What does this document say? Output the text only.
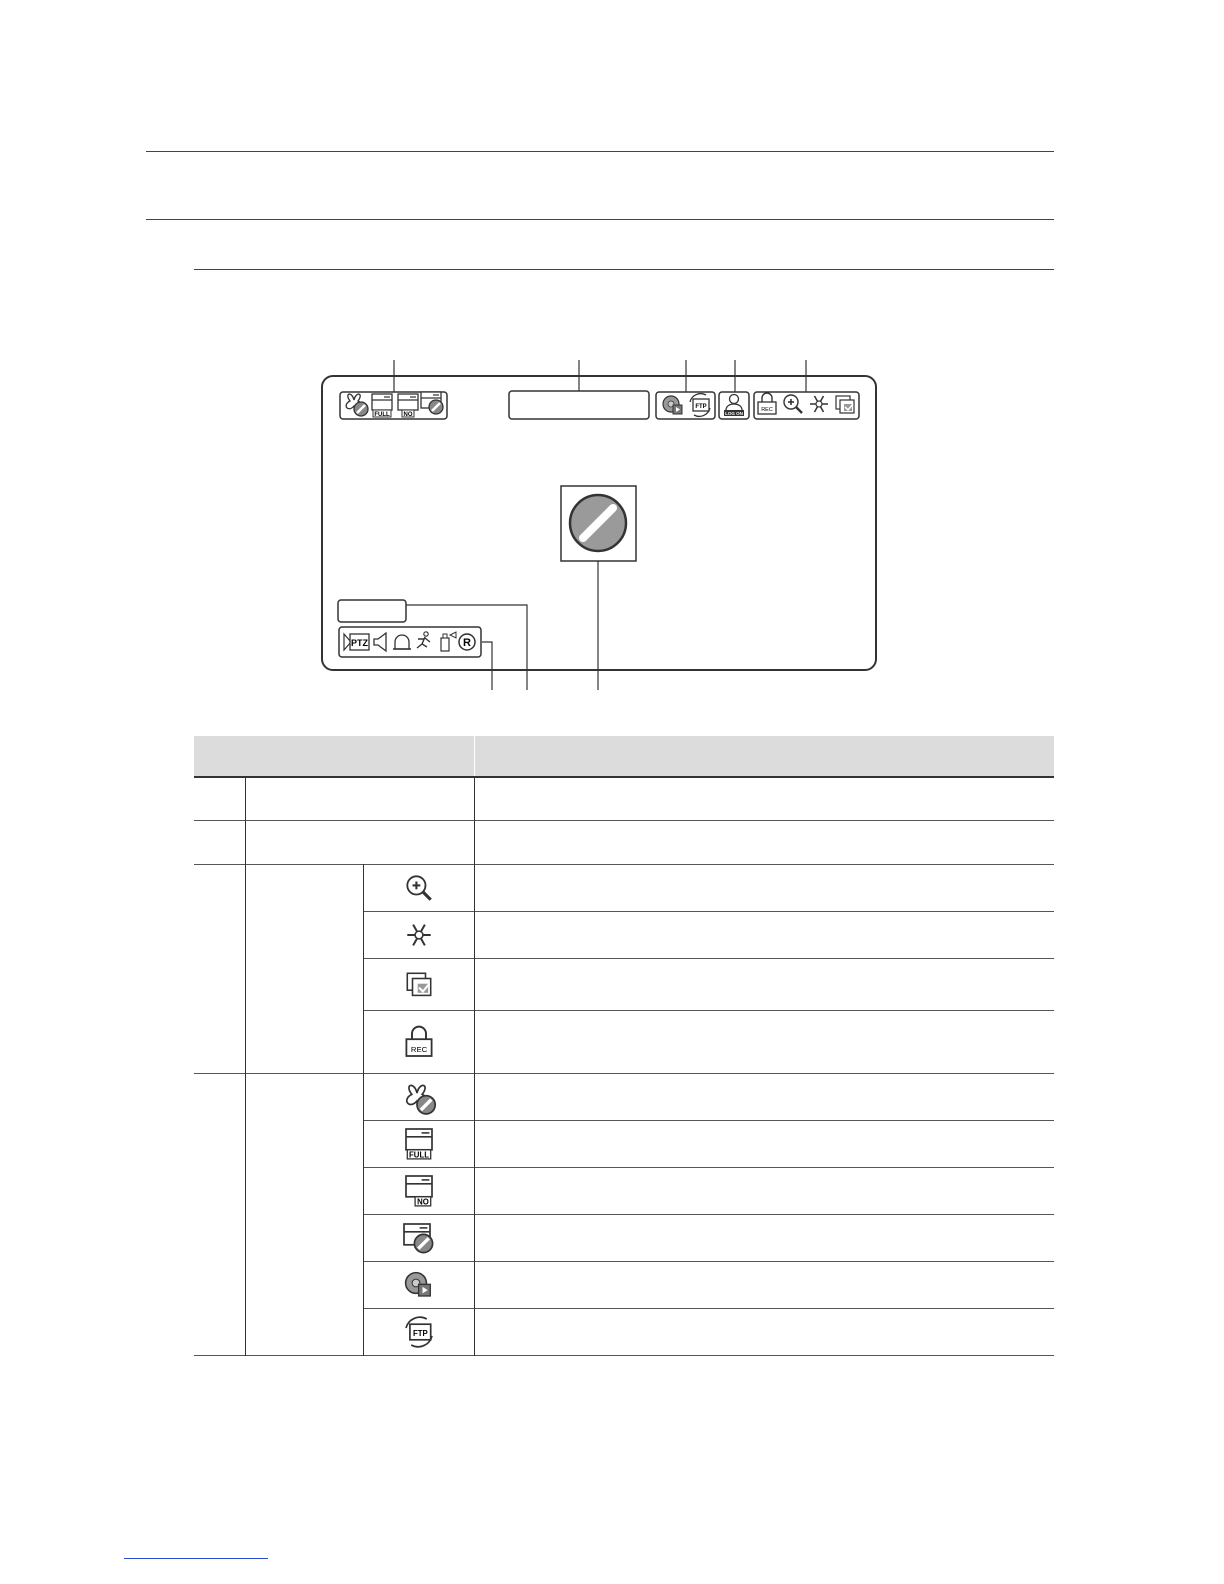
FULL NO
FTP
LOG ON
REC
PTZ	R
REC
FULL
NO
FTP
